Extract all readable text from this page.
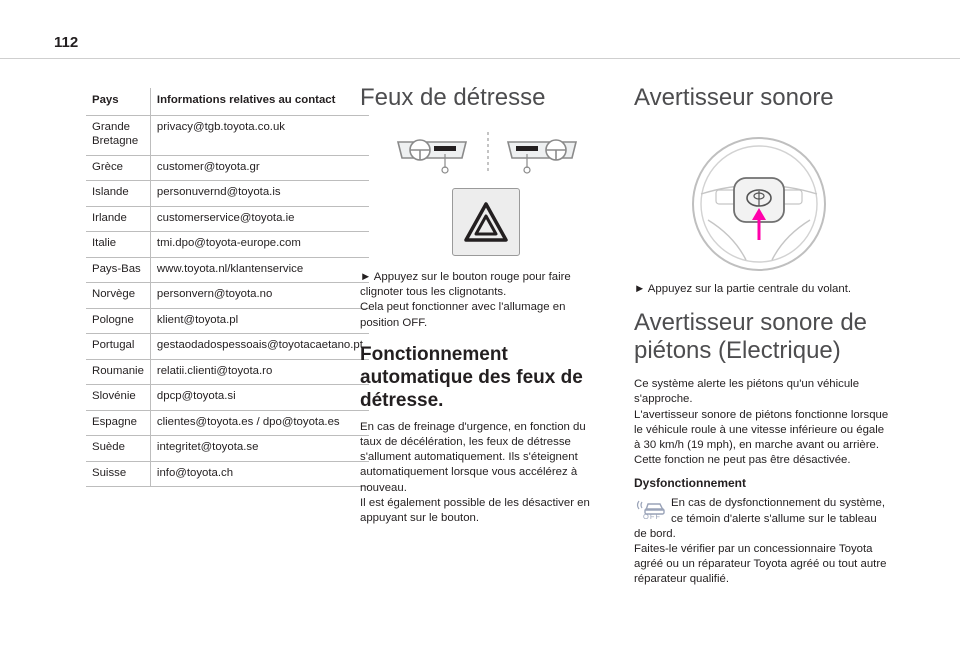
112
Pays	Informations relatives au contact
Grande Bretagne	privacy@tgb.toyota.co.uk
Grèce	customer@toyota.gr
Islande	personuvernd@toyota.is
Irlande	customerservice@toyota.ie
Italie	tmi.dpo@toyota-europe.com
Pays-Bas	www.toyota.nl/klantenservice
Norvège	personvern@toyota.no
Pologne	klient@toyota.pl
Portugal	gestaodadospessoais@toyotacaetano.pt
Roumanie	relatii.clienti@toyota.ro
Slovénie	dpcp@toyota.si
Espagne	clientes@toyota.es / dpo@toyota.es
Suède	integritet@toyota.se
Suisse	info@toyota.ch
Feux de détresse

► Appuyez sur le bouton rouge pour faire clignoter tous les clignotants.

Cela peut fonctionner avec l'allumage en position OFF.

Fonctionnement automatique des feux de détresse.

En cas de freinage d'urgence, en fonction du taux de décélération, les feux de détresse s'allument automatiquement. Ils s'éteignent automatiquement lorsque vous accélérez à nouveau.

Il est également possible de les désactiver en appuyant sur le bouton.

Avertisseur sonore

► Appuyez sur la partie centrale du volant.

Avertisseur sonore de piétons (Electrique)

Ce système alerte les piétons qu'un véhicule s'approche.

L'avertisseur sonore de piétons fonctionne lorsque le véhicule roule à une vitesse inférieure ou égale à 30 km/h (19 mph), en marche avant ou arrière.

Cette fonction ne peut pas être désactivée.

Dysfonctionnement

OFF

En cas de dysfonctionnement du système, ce témoin d'alerte s'allume sur le tableau de bord.

Faites-le vérifier par un concessionnaire Toyota agréé ou un réparateur Toyota agréé ou tout autre réparateur qualifié.
